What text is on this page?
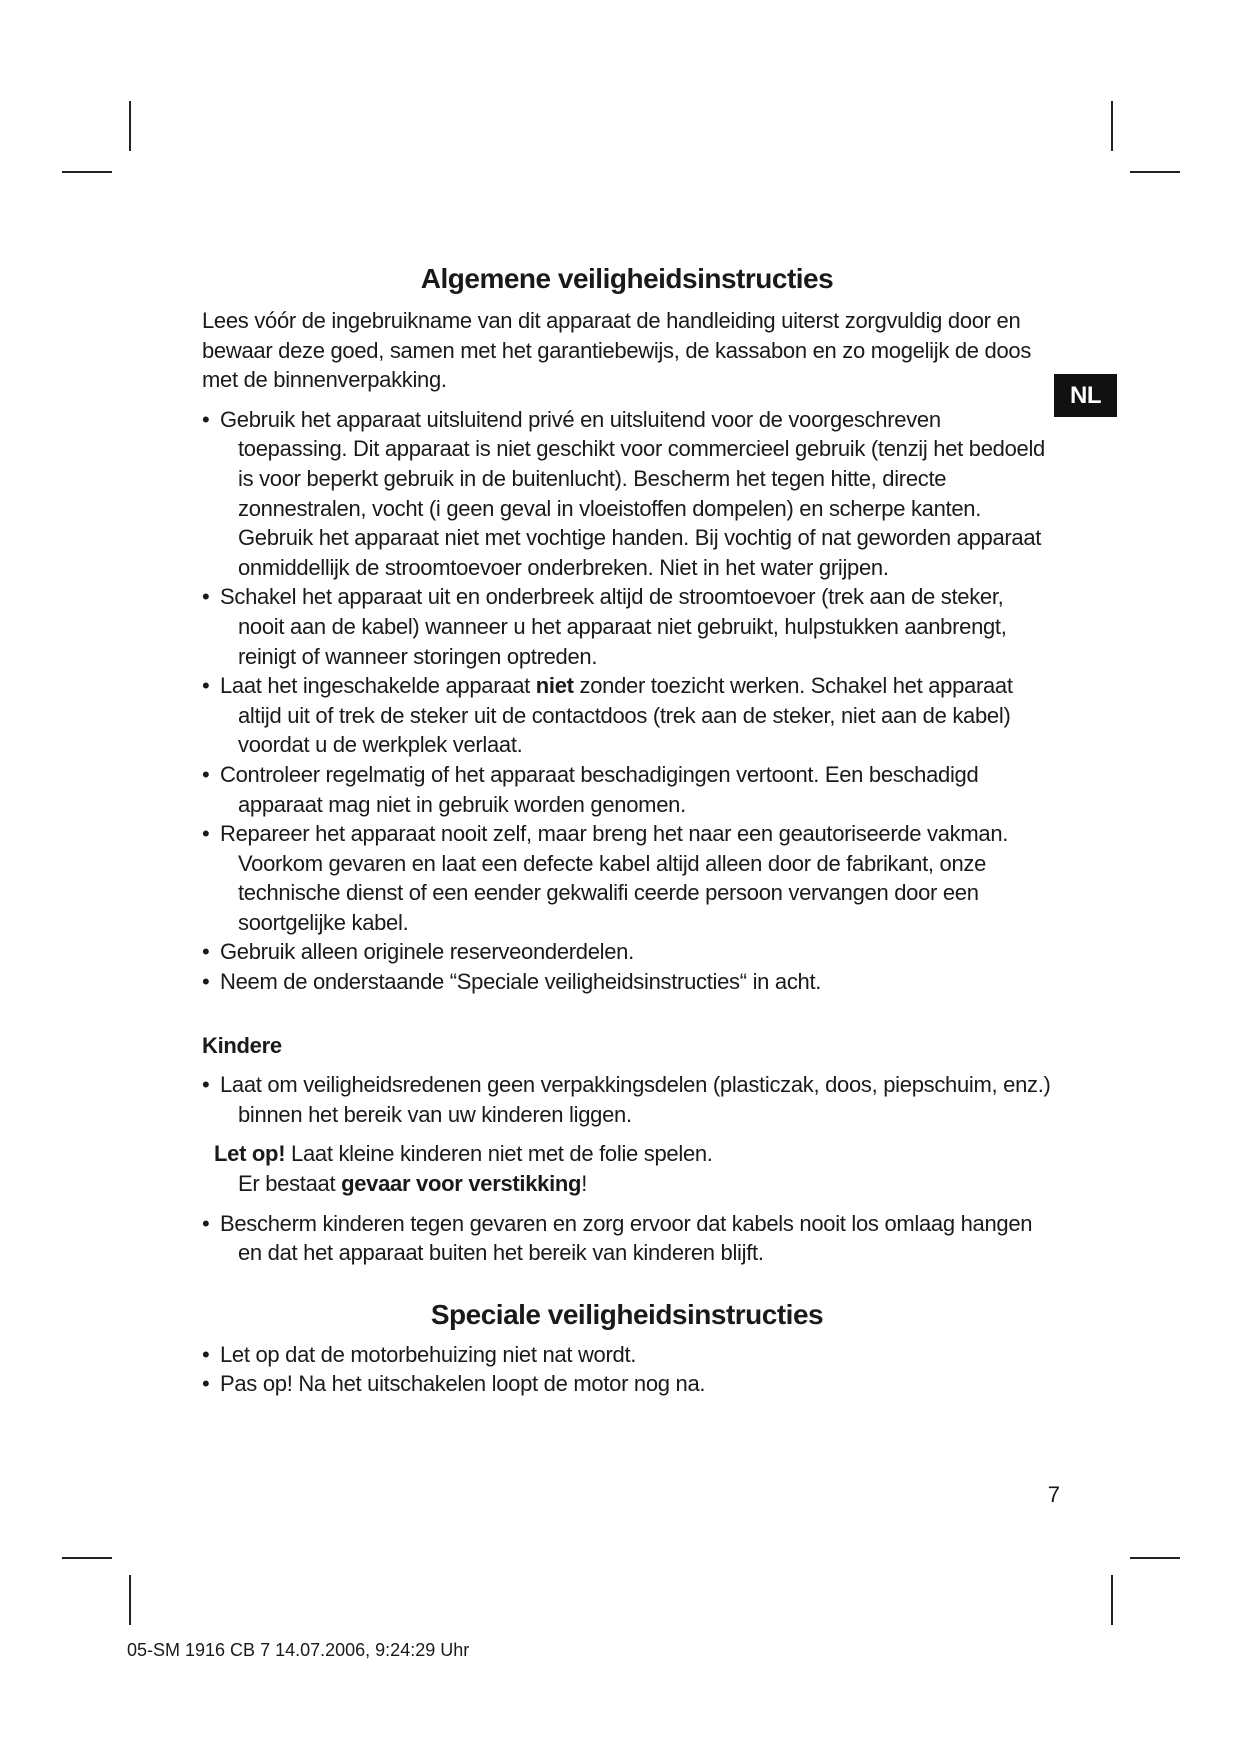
NL
Algemene veiligheidsinstructies

Lees vóór de ingebruikname van dit apparaat de handleiding uiterst zorgvuldig door en bewaar deze goed, samen met het garantiebewijs, de kassabon en zo mogelijk de doos met de binnenverpakking.

• Gebruik het apparaat uitsluitend privé en uitsluitend voor de voorgeschreven toepassing. Dit apparaat is niet geschikt voor commercieel gebruik (tenzij het bedoeld is voor beperkt gebruik in de buitenlucht). Bescherm het tegen hitte, directe zonnestralen, vocht (i geen geval in vloeistoffen dompelen) en scherpe kanten. Gebruik het apparaat niet met vochtige handen. Bij vochtig of nat geworden apparaat onmiddellijk de stroomtoevoer onderbreken. Niet in het water grijpen.
• Schakel het apparaat uit en onderbreek altijd de stroomtoevoer (trek aan de steker, nooit aan de kabel) wanneer u het apparaat niet gebruikt, hulpstukken aanbrengt, reinigt of wanneer storingen optreden.
• Laat het ingeschakelde apparaat niet zonder toezicht werken. Schakel het apparaat altijd uit of trek de steker uit de contactdoos (trek aan de steker, niet aan de kabel) voordat u de werkplek verlaat.
• Controleer regelmatig of het apparaat beschadigingen vertoont. Een beschadigd apparaat mag niet in gebruik worden genomen.
• Repareer het apparaat nooit zelf, maar breng het naar een geautoriseerde vakman. Voorkom gevaren en laat een defecte kabel altijd alleen door de fabrikant, onze technische dienst of een eender gekwalifi ceerde persoon vervangen door een soortgelijke kabel.
• Gebruik alleen originele reserveonderdelen.
• Neem de onderstaande “Speciale veiligheidsinstructies“ in acht.
Kindere
• Laat om veiligheidsredenen geen verpakkingsdelen (plasticzak, doos, piepschuim, enz.) binnen het bereik van uw kinderen liggen.
Let op! Laat kleine kinderen niet met de folie spelen.
Er bestaat gevaar voor verstikking!
• Bescherm kinderen tegen gevaren en zorg ervoor dat kabels nooit los omlaag hangen en dat het apparaat buiten het bereik van kinderen blijft.
Speciale veiligheidsinstructies
• Let op dat de motorbehuizing niet nat wordt.
• Pas op! Na het uitschakelen loopt de motor nog na.
7
05-SM 1916 CB 7 14.07.2006, 9:24:29 Uhr
